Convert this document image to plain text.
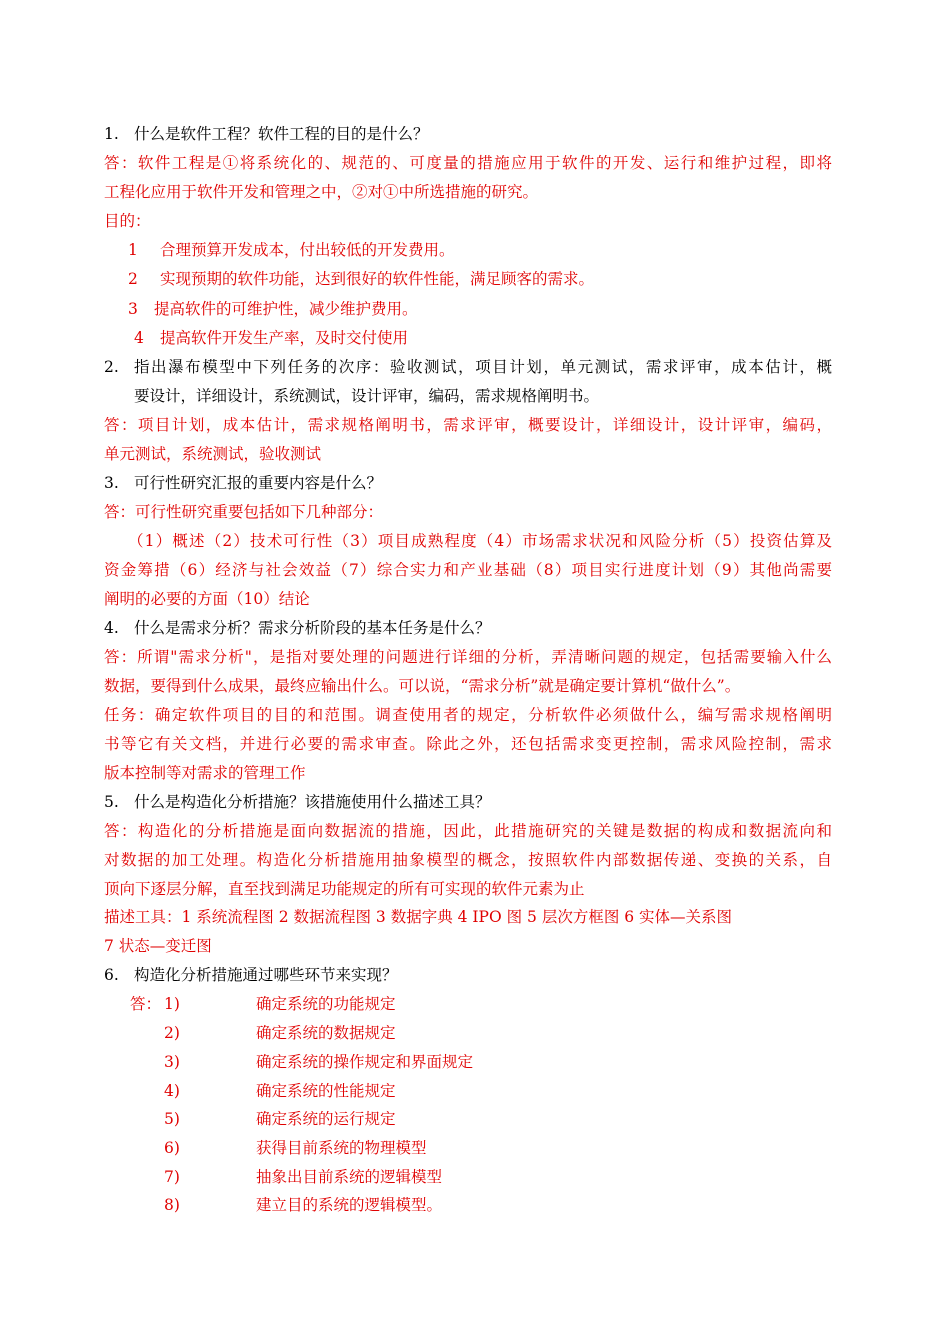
1. 什么是软件工程？软件工程的目的是什么？
答：软件工程是①将系统化的、规范的、可度量的措施应用于软件的开发、运行和维护过程，即将
工程化应用于软件开发和管理之中，②对①中所选措施的研究。
目的：
1 合理预算开发成本，付出较低的开发费用。
2 实现预期的软件功能，达到很好的软件性能，满足顾客的需求。
3 提高软件的可维护性，减少维护费用。
4 提高软件开发生产率，及时交付使用
2. 指出瀑布模型中下列任务的次序：验收测试，项目计划，单元测试，需求评审，成本估计，概
要设计，详细设计，系统测试，设计评审，编码，需求规格阐明书。
答：项目计划，成本估计，需求规格阐明书，需求评审，概要设计，详细设计，设计评审，编码，
单元测试，系统测试，验收测试
3. 可行性研究汇报的重要内容是什么？
答：可行性研究重要包括如下几种部分：
（1）概述（2）技术可行性（3）项目成熟程度（4）市场需求状况和风险分析（5）投资估算及
资金筹措（6）经济与社会效益（7）综合实力和产业基础（8）项目实行进度计划（9）其他尚需要
阐明的必要的方面（10）结论
4. 什么是需求分析？需求分析阶段的基本任务是什么？
答：所谓"需求分析"，是指对要处理的问题进行详细的分析，弄清晰问题的规定，包括需要输入什么
数据，要得到什么成果，最终应输出什么。可以说，“需求分析”就是确定要计算机“做什么”。
任务：确定软件项目的目的和范围。调查使用者的规定，分析软件必须做什么，编写需求规格阐明
书等它有关文档，并进行必要的需求审查。除此之外，还包括需求变更控制，需求风险控制，需求
版本控制等对需求的管理工作
5. 什么是构造化分析措施？该措施使用什么描述工具？
答：构造化的分析措施是面向数据流的措施，因此，此措施研究的关键是数据的构成和数据流向和
对数据的加工处理。构造化分析措施用抽象模型的概念，按照软件内部数据传递、变换的关系，自
顶向下逐层分解，直至找到满足功能规定的所有可实现的软件元素为止
描述工具：1 系统流程图 2 数据流程图 3 数据字典 4 IPO 图 5 层次方框图 6 实体—关系图
7 状态—变迁图
6. 构造化分析措施通过哪些环节来实现？
答： 1)	确定系统的功能规定
2)	确定系统的数据规定
3)	确定系统的操作规定和界面规定
4)	确定系统的性能规定
5)	确定系统的运行规定
6)	获得目前系统的物理模型
7)	抽象出目前系统的逻辑模型
8)	建立目的系统的逻辑模型。
